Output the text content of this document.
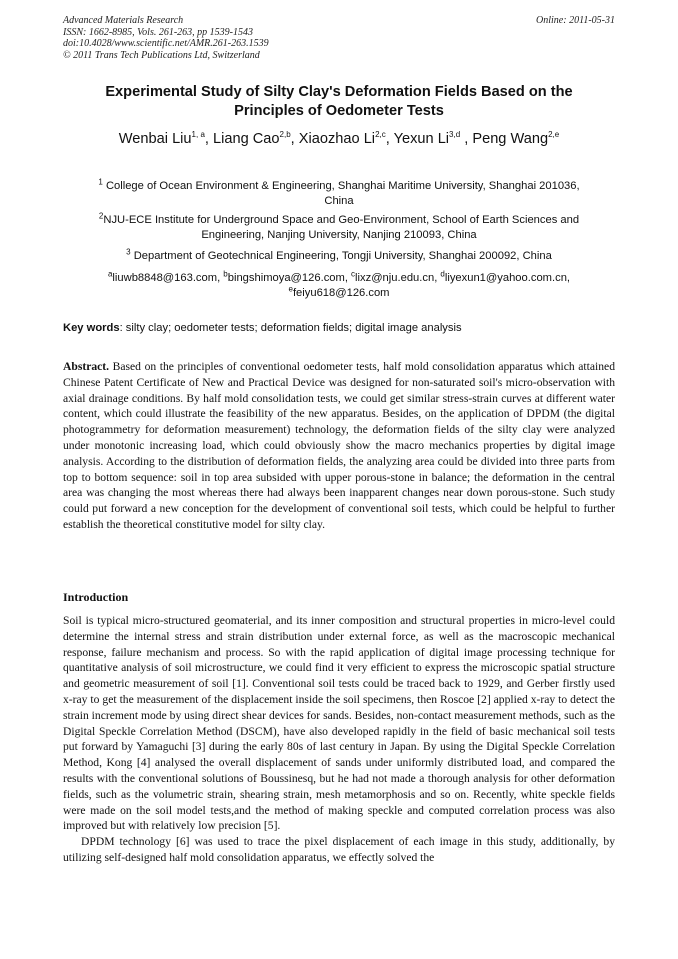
Advanced Materials Research
ISSN: 1662-8985, Vols. 261-263, pp 1539-1543
doi:10.4028/www.scientific.net/AMR.261-263.1539
© 2011 Trans Tech Publications Ltd, Switzerland
Online: 2011-05-31
Experimental Study of Silty Clay's Deformation Fields Based on the
Principles of Oedometer Tests
Wenbai Liu$^{1, a}$, Liang Cao$^{2,b}$, Xiaozhao Li$^{2,c}$, Yexun Li$^{3,d}$ , Peng Wang$^{2,e}$
$^1$ College of Ocean Environment & Engineering, Shanghai Maritime University, Shanghai 201036,
China
$^2$NJU-ECE Institute for Underground Space and Geo-Environment, School of Earth Sciences and
Engineering, Nanjing University, Nanjing 210093, China
$^3$ Department of Geotechnical Engineering, Tongji University, Shanghai 200092, China
$^a$liuwb8848@163.com, $^b$bingshimoya@126.com, $^c$lixz@nju.edu.cn, $^d$liyexun1@yahoo.com.cn,
$^e$feiyu618@126.com
Key words: silty clay; oedometer tests; deformation fields; digital image analysis
Abstract. Based on the principles of conventional oedometer tests, half mold consolidation apparatus which attained Chinese Patent Certificate of New and Practical Device was designed for non-saturated soil's micro-observation with axial drainage conditions. By half mold consolidation tests, we could get similar stress-strain curves at different water content, which could illustrate the feasibility of the new apparatus. Besides, on the application of DPDM (the digital photogrammetry for deformation measurement) technology, the deformation fields of the silty clay were analyzed under monotonic increasing load, which could obviously show the macro mechanics properties by digital image analysis. According to the distribution of deformation fields, the analyzing area could be divided into three parts from top to bottom sequence: soil in top area subsided with upper porous-stone in balance; the deformation in the central area was changing the most whereas there had always been inapparent changes near down porous-stone. Such study could put forward a new conception for the development of conventional soil tests, which could be helpful to further establish the theoretical constitutive model for silty clay.
Introduction

Soil is typical micro-structured geomaterial, and its inner composition and structural properties in micro-level could determine the internal stress and strain distribution under external force, as well as the macroscopic mechanical response, failure mechanism and process. So with the rapid application of digital image processing technique for quantitative analysis of soil microstructure, we could find it very efficient to express the microscopic spatial structure and geometric measurement of soil [1]. Conventional soil tests could be traced back to 1929, and Gerber firstly used x-ray to get the measurement of the displacement inside the soil specimens, then Roscoe [2] applied x-ray to detect the strain increment mode by using direct shear devices for sands. Besides, non-contact measurement methods, such as the Digital Speckle Correlation Method (DSCM), have also developed rapidly in the field of basic mechanical soil tests put forward by Yamaguchi [3] during the early 80s of last century in Japan. By using the Digital Speckle Correlation Method, Kong [4] analysed the overall displacement of sands under uniformly distributed load, and compared the results with the conventional solutions of Boussinesq, but he had not made a thorough analysis for other deformation fields, such as the volumetric strain, shearing strain, mesh metamorphosis and so on. Recently, white speckle fields were made on the soil model tests,and the method of making speckle and computed correlation process was also improved but with relatively low precision [5].

DPDM technology [6] was used to trace the pixel displacement of each image in this study, additionally, by utilizing self-designed half mold consolidation apparatus, we effectly solved the
